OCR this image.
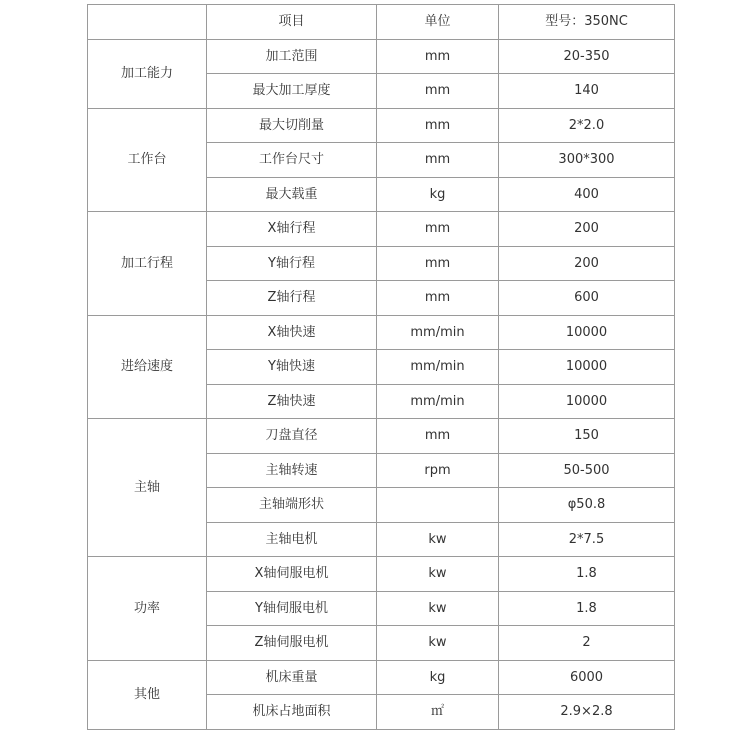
	项目	单位	型号：350NC
加工能力	加工范围	mm	20-350
	最大加工厚度	mm	140
工作台	最大切削量	mm	2*2.0
	工作台尺寸	mm	300*300
	最大载重	kg	400
加工行程	X轴行程	mm	200
	Y轴行程	mm	200
	Z轴行程	mm	600
进给速度	X轴快速	mm/min	10000
	Y轴快速	mm/min	10000
	Z轴快速	mm/min	10000
主轴	刀盘直径	mm	150
	主轴转速	rpm	50-500
	主轴端形状		φ50.8
	主轴电机	kw	2*7.5
功率	X轴伺服电机	kw	1.8
	Y轴伺服电机	kw	1.8
	Z轴伺服电机	kw	2
其他	机床重量	kg	6000
	机床占地面积	㎡	2.9×2.8
